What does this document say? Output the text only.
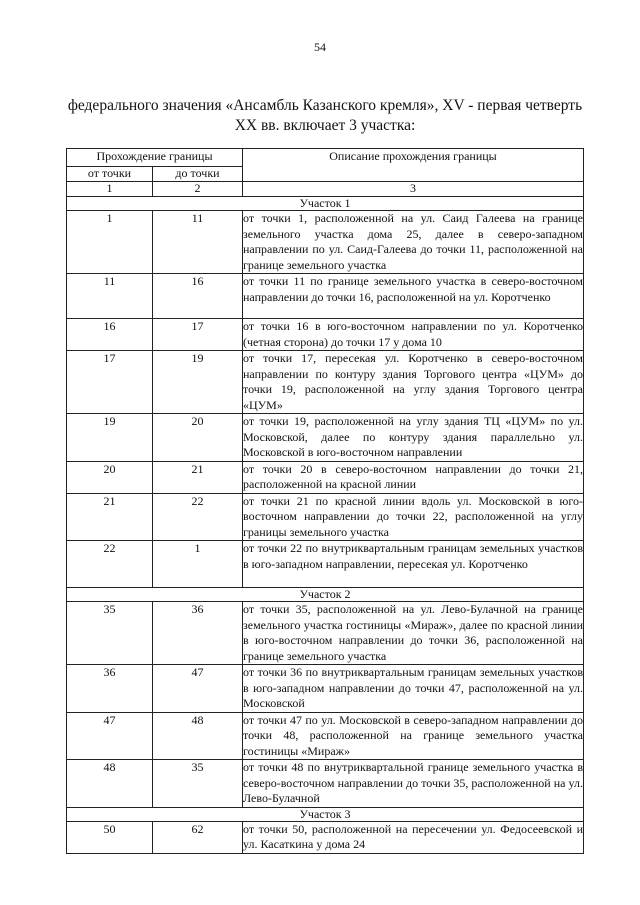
54
федерального значения «Ансамбль Казанского кремля», XV - первая четверть
XX вв. включает 3 участка:
Прохождение границы		Описание прохождения границы
от точки	до точки	
1	2	3
Участок 1		
1	11	от точки 1, расположенной на ул. Саид Галеева на границе земельного участка дома 25, далее в северо-западном направлении по ул. Саид-Галеева до точки 11, расположенной на границе земельного участка
11	16	от точки 11 по границе земельного участка в северо-восточном направлении до точки 16, расположенной на ул. Коротченко
16	17	от точки 16 в юго-восточном направлении по ул. Коротченко (четная сторона) до точки 17 у дома 10
17	19	от точки 17, пересекая ул. Коротченко в северо-восточном направлении по контуру здания Торгового центра «ЦУМ» до точки 19, расположенной на углу здания Торгового центра «ЦУМ»
19	20	от точки 19, расположенной на углу здания ТЦ «ЦУМ» по ул. Московской, далее по контуру здания параллельно ул. Московской в юго-восточном направлении
20	21	от точки 20 в северо-восточном направлении до точки 21, расположенной на красной линии
21	22	от точки 21 по красной линии вдоль ул. Московской в юго-восточном направлении до точки 22, расположенной на углу границы земельного участка
22	1	от точки 22 по внутриквартальным границам земельных участков в юго-западном направлении, пересекая ул. Коротченко
Участок 2		
35	36	от точки 35, расположенной на ул. Лево-Булачной на границе земельного участка гостиницы «Мираж», далее по красной линии в юго-восточном направлении до точки 36, расположенной на границе земельного участка
36	47	от точки 36 по внутриквартальным границам земельных участков в юго-западном направлении до точки 47, расположенной на ул. Московской
47	48	от точки 47 по ул. Московской в северо-западном направлении до точки 48, расположенной на границе земельного участка гостиницы «Мираж»
48	35	от точки 48 по внутриквартальной границе земельного участка в северо-восточном направлении до точки 35, расположенной на ул. Лево-Булачной
Участок 3		
50	62	от точки 50, расположенной на пересечении ул. Федосеевской и ул. Касаткина у дома 24
